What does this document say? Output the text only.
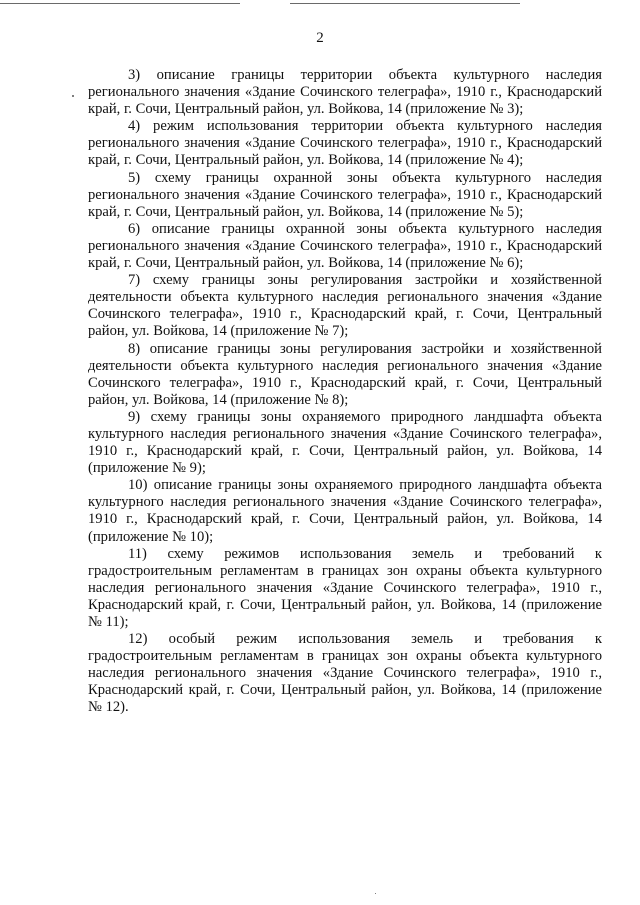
2

3) описание границы территории объекта культурного наследия регионального значения «Здание Сочинского телеграфа», 1910 г., Краснодарский край, г. Сочи, Центральный район, ул. Войкова, 14 (приложение № 3);

4) режим использования территории объекта культурного наследия регионального значения «Здание Сочинского телеграфа», 1910 г., Краснодарский край, г. Сочи, Центральный район, ул. Войкова, 14 (приложение № 4);

5) схему границы охранной зоны объекта культурного наследия регионального значения «Здание Сочинского телеграфа», 1910 г., Краснодарский край, г. Сочи, Центральный район, ул. Войкова, 14 (приложение № 5);

6) описание границы охранной зоны объекта культурного наследия регионального значения «Здание Сочинского телеграфа», 1910 г., Краснодарский край, г. Сочи, Центральный район, ул. Войкова, 14 (приложение № 6);

7) схему границы зоны регулирования застройки и хозяйственной деятельности объекта культурного наследия регионального значения «Здание Сочинского телеграфа», 1910 г., Краснодарский край, г. Сочи, Центральный район, ул. Войкова, 14 (приложение № 7);

8) описание границы зоны регулирования застройки и хозяйственной деятельности объекта культурного наследия регионального значения «Здание Сочинского телеграфа», 1910 г., Краснодарский край, г. Сочи, Центральный район, ул. Войкова, 14 (приложение № 8);

9) схему границы зоны охраняемого природного ландшафта объекта культурного наследия регионального значения «Здание Сочинского телеграфа», 1910 г., Краснодарский край, г. Сочи, Центральный район, ул. Войкова, 14 (приложение № 9);

10) описание границы зоны охраняемого природного ландшафта объекта культурного наследия регионального значения «Здание Сочинского телеграфа», 1910 г., Краснодарский край, г. Сочи, Центральный район, ул. Войкова, 14 (приложение № 10);

11) схему режимов использования земель и требований к градостроительным регламентам в границах зон охраны объекта культурного наследия регионального значения «Здание Сочинского телеграфа», 1910 г., Краснодарский край, г. Сочи, Центральный район, ул. Войкова, 14 (приложение № 11);

12) особый режим использования земель и требования к градостроительным регламентам в границах зон охраны объекта культурного наследия регионального значения «Здание Сочинского телеграфа», 1910 г., Краснодарский край, г. Сочи, Центральный район, ул. Войкова, 14 (приложение № 12).
